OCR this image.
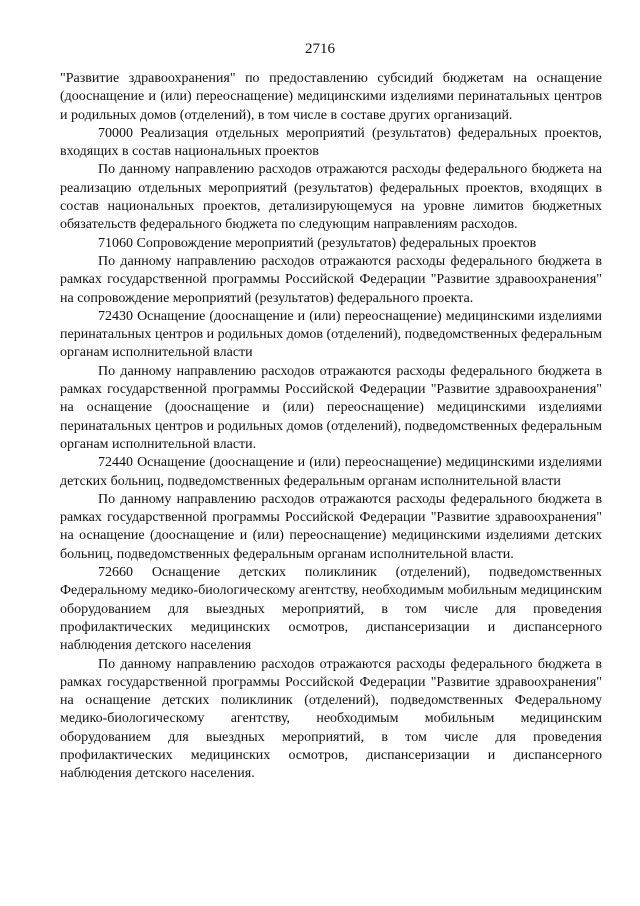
2716

"Развитие здравоохранения" по предоставлению субсидий бюджетам на оснащение (дооснащение и (или) переоснащение) медицинскими изделиями перинатальных центров и родильных домов (отделений), в том числе в составе других организаций.

70000 Реализация отдельных мероприятий (результатов) федеральных проектов, входящих в состав национальных проектов

По данному направлению расходов отражаются расходы федерального бюджета на реализацию отдельных мероприятий (результатов) федеральных проектов, входящих в состав национальных проектов, детализирующемуся на уровне лимитов бюджетных обязательств федерального бюджета по следующим направлениям расходов.

71060 Сопровождение мероприятий (результатов) федеральных проектов

По данному направлению расходов отражаются расходы федерального бюджета в рамках государственной программы Российской Федерации "Развитие здравоохранения" на сопровождение мероприятий (результатов) федерального проекта.

72430 Оснащение (дооснащение и (или) переоснащение) медицинскими изделиями перинатальных центров и родильных домов (отделений), подведомственных федеральным органам исполнительной власти

По данному направлению расходов отражаются расходы федерального бюджета в рамках государственной программы Российской Федерации "Развитие здравоохранения" на оснащение (дооснащение и (или) переоснащение) медицинскими изделиями перинатальных центров и родильных домов (отделений), подведомственных федеральным органам исполнительной власти.

72440 Оснащение (дооснащение и (или) переоснащение) медицинскими изделиями детских больниц, подведомственных федеральным органам исполнительной власти

По данному направлению расходов отражаются расходы федерального бюджета в рамках государственной программы Российской Федерации "Развитие здравоохранения" на оснащение (дооснащение и (или) переоснащение) медицинскими изделиями детских больниц, подведомственных федеральным органам исполнительной власти.

72660 Оснащение детских поликлиник (отделений), подведомственных Федеральному медико-биологическому агентству, необходимым мобильным медицинским оборудованием для выездных мероприятий, в том числе для проведения профилактических медицинских осмотров, диспансеризации и диспансерного наблюдения детского населения

По данному направлению расходов отражаются расходы федерального бюджета в рамках государственной программы Российской Федерации "Развитие здравоохранения" на оснащение детских поликлиник (отделений), подведомственных Федеральному медико-биологическому агентству, необходимым мобильным медицинским оборудованием для выездных мероприятий, в том числе для проведения профилактических медицинских осмотров, диспансеризации и диспансерного наблюдения детского населения.
